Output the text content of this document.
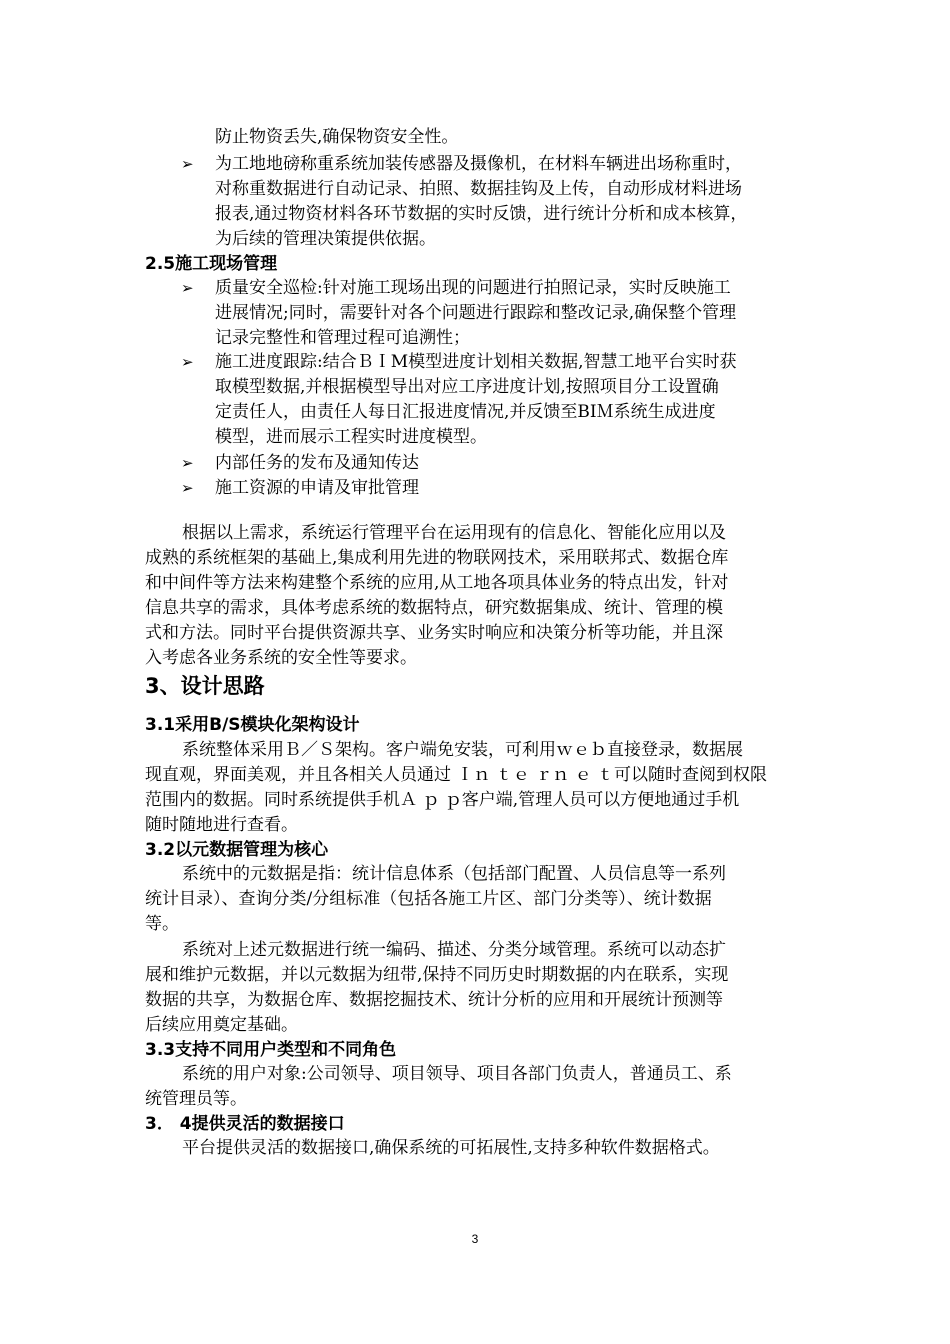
防止物资丢失,确保物资安全性。
➢ 为工地地磅称重系统加装传感器及摄像机，在材料车辆进出场称重时，
对称重数据进行自动记录、拍照、数据挂钩及上传，自动形成材料进场
报表,通过物资材料各环节数据的实时反馈，进行统计分析和成本核算，
为后续的管理决策提供依据。
2.5施工现场管理
➢ 质量安全巡检:针对施工现场出现的问题进行拍照记录，实时反映施工
进展情况;同时，需要针对各个问题进行跟踪和整改记录,确保整个管理
记录完整性和管理过程可追溯性；
➢ 施工进度跟踪:结合ＢＩM模型进度计划相关数据,智慧工地平台实时获
取模型数据,并根据模型导出对应工序进度计划,按照项目分工设置确
定责任人，由责任人每日汇报进度情况,并反馈至BIＭ系统生成进度
模型，进而展示工程实时进度模型。
➢ 内部任务的发布及通知传达
➢ 施工资源的申请及审批管理
根据以上需求，系统运行管理平台在运用现有的信息化、智能化应用以及
成熟的系统框架的基础上,集成利用先进的物联网技术，采用联邦式、数据仓库
和中间件等方法来构建整个系统的应用,从工地各项具体业务的特点出发，针对
信息共享的需求，具体考虑系统的数据特点，研究数据集成、统计、管理的模
式和方法。同时平台提供资源共享、业务实时响应和决策分析等功能，并且深
入考虑各业务系统的安全性等要求。
3、设计思路
3.1采用B/S模块化架构设计
系统整体采用Ｂ／Ｓ架构。客户端免安装，可利用ｗｅｂ直接登录，数据展
现直观，界面美观，并且各相关人员通过 Ｉｎ ｔｅ ｒｎ ｅ ｔ可以随时查阅到权限
范围内的数据。同时系统提供手机Ａ ｐ ｐ客户端,管理人员可以方便地通过手机
随时随地进行查看。
3.2以元数据管理为核心
系统中的元数据是指：统计信息体系（包括部门配置、人员信息等一系列
统计目录）、查询分类/分组标准（包括各施工片区、部门分类等）、统计数据
等。
系统对上述元数据进行统一编码、描述、分类分域管理。系统可以动态扩
展和维护元数据，并以元数据为纽带,保持不同历史时期数据的内在联系，实现
数据的共享，为数据仓库、数据挖掘技术、统计分析的应用和开展统计预测等
后续应用奠定基础。
3.3支持不同用户类型和不同角色
系统的用户对象:公司领导、项目领导、项目各部门负责人，普通员工、系
统管理员等。
3． 4提供灵活的数据接口
平台提供灵活的数据接口,确保系统的可拓展性,支持多种软件数据格式。
3
